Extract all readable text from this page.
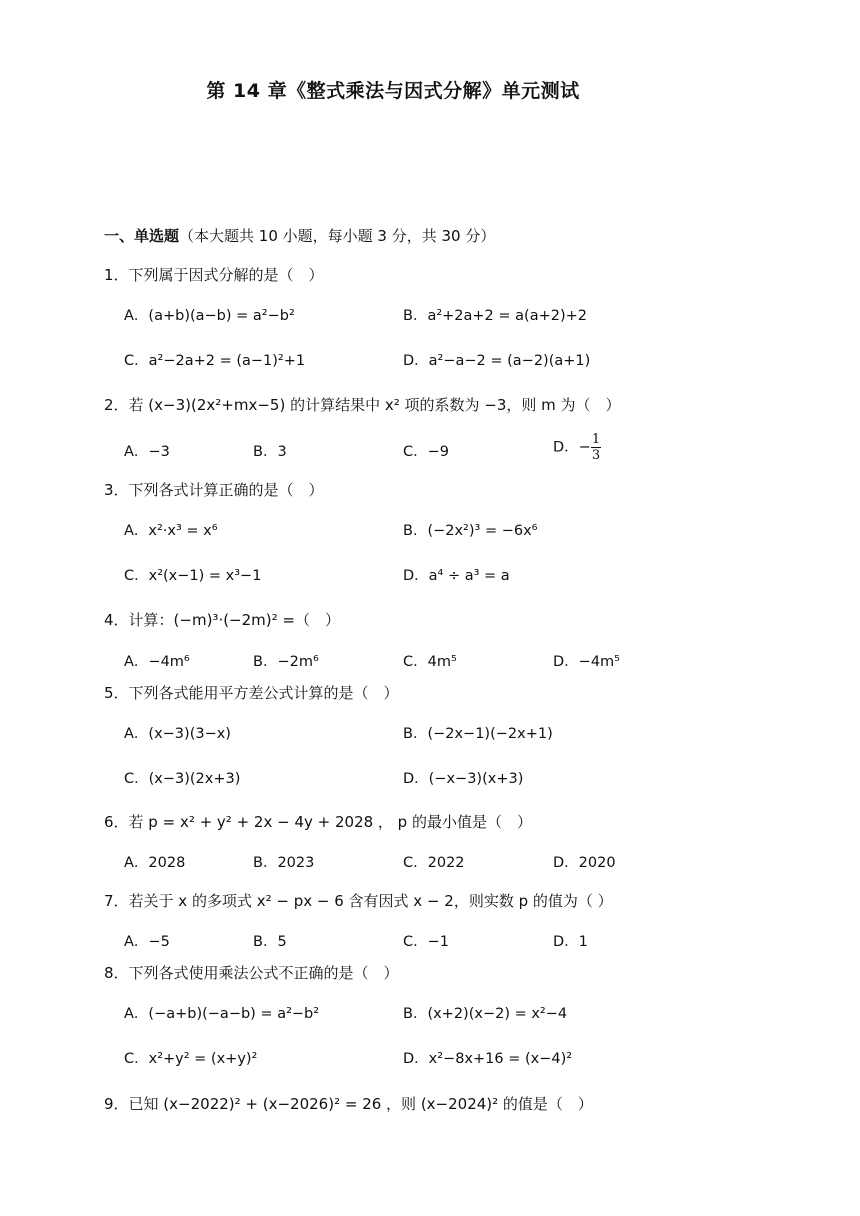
第 14 章《整式乘法与因式分解》单元测试
一、单选题（本大题共 10 小题，每小题 3 分，共 30 分）
1．下列属于因式分解的是（　）
A．(a+b)(a−b) = a²−b²	B．a²+2a+2 = a(a+2)+2
C．a²−2a+2 = (a−1)²+1	D．a²−a−2 = (a−2)(a+1)
2．若 (x−3)(2x²+mx−5) 的计算结果中 x² 项的系数为 −3，则 m 为（　）
A．−3	B．3	C．−9	D．− $\frac{1}{3}$
3．下列各式计算正确的是（　）
A．x²·x³ = x⁶	B．(−2x²)³ = −6x⁶
C．x²(x−1) = x³−1	D．a⁴ ÷ a³ = a
4．计算：(−m)³·(−2m)² =（　）
A．−4m⁶	B．−2m⁶	C．4m⁵	D．−4m⁵
5．下列各式能用平方差公式计算的是（　）
A．(x−3)(3−x)	B．(−2x−1)(−2x+1)
C．(x−3)(2x+3)	D．(−x−3)(x+3)
6．若 p = x² + y² + 2x − 4y + 2028 ， p 的最小值是（　）
A．2028	B．2023	C．2022	D．2020
7．若关于 x 的多项式 x² − px − 6 含有因式 x − 2，则实数 p 的值为（ ）
A．−5	B．5	C．−1	D．1
8．下列各式使用乘法公式不正确的是（　）
A．(−a+b)(−a−b) = a²−b²	B．(x+2)(x−2) = x²−4
C．x²+y² = (x+y)²	D．x²−8x+16 = (x−4)²
9．已知 (x−2022)² + (x−2026)² = 26 ，则 (x−2024)² 的值是（　）
